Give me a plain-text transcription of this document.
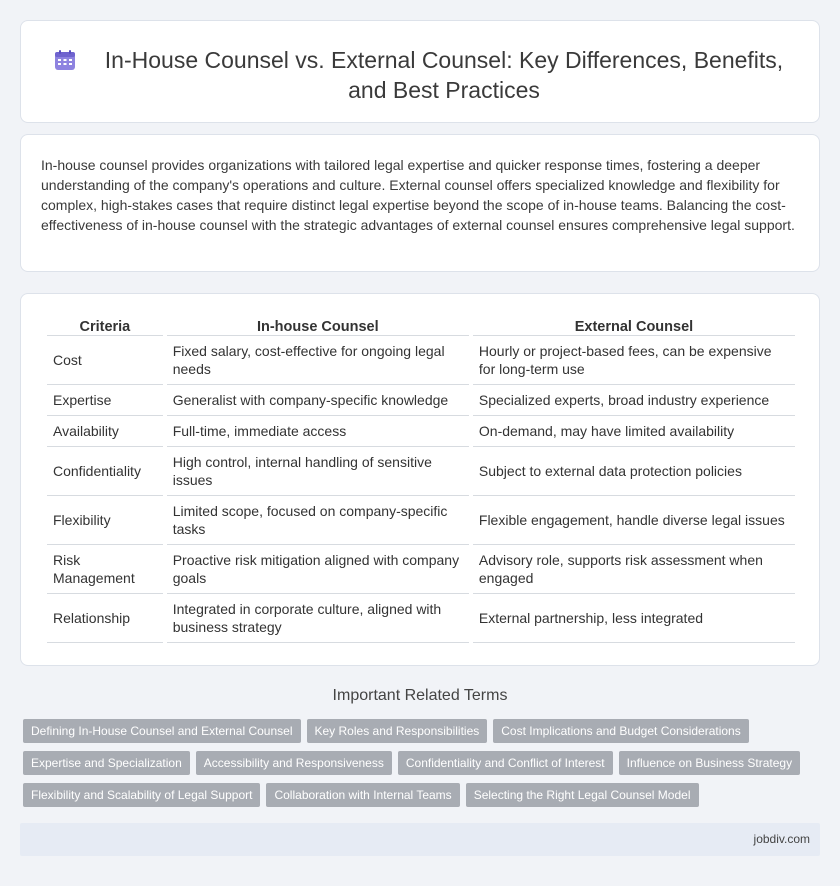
In-House Counsel vs. External Counsel: Key Differences, Benefits, and Best Practices

In-house counsel provides organizations with tailored legal expertise and quicker response times, fostering a deeper understanding of the company's operations and culture. External counsel offers specialized knowledge and flexibility for complex, high-stakes cases that require distinct legal expertise beyond the scope of in-house teams. Balancing the cost-effectiveness of in-house counsel with the strategic advantages of external counsel ensures comprehensive legal support.

Criteria	In-house Counsel	External Counsel
Cost	Fixed salary, cost-effective for ongoing legal needs	Hourly or project-based fees, can be expensive for long-term use
Expertise	Generalist with company-specific knowledge	Specialized experts, broad industry experience
Availability	Full-time, immediate access	On-demand, may have limited availability
Confidentiality	High control, internal handling of sensitive issues	Subject to external data protection policies
Flexibility	Limited scope, focused on company-specific tasks	Flexible engagement, handle diverse legal issues
Risk Management	Proactive risk mitigation aligned with company goals	Advisory role, supports risk assessment when engaged
Relationship	Integrated in corporate culture, aligned with business strategy	External partnership, less integrated
Important Related Terms
Defining In-House Counsel and External Counsel	Key Roles and Responsibilities	Cost Implications and Budget Considerations
Expertise and Specialization	Accessibility and Responsiveness	Confidentiality and Conflict of Interest	Influence on Business Strategy
Flexibility and Scalability of Legal Support	Collaboration with Internal Teams	Selecting the Right Legal Counsel Model
jobdiv.com
